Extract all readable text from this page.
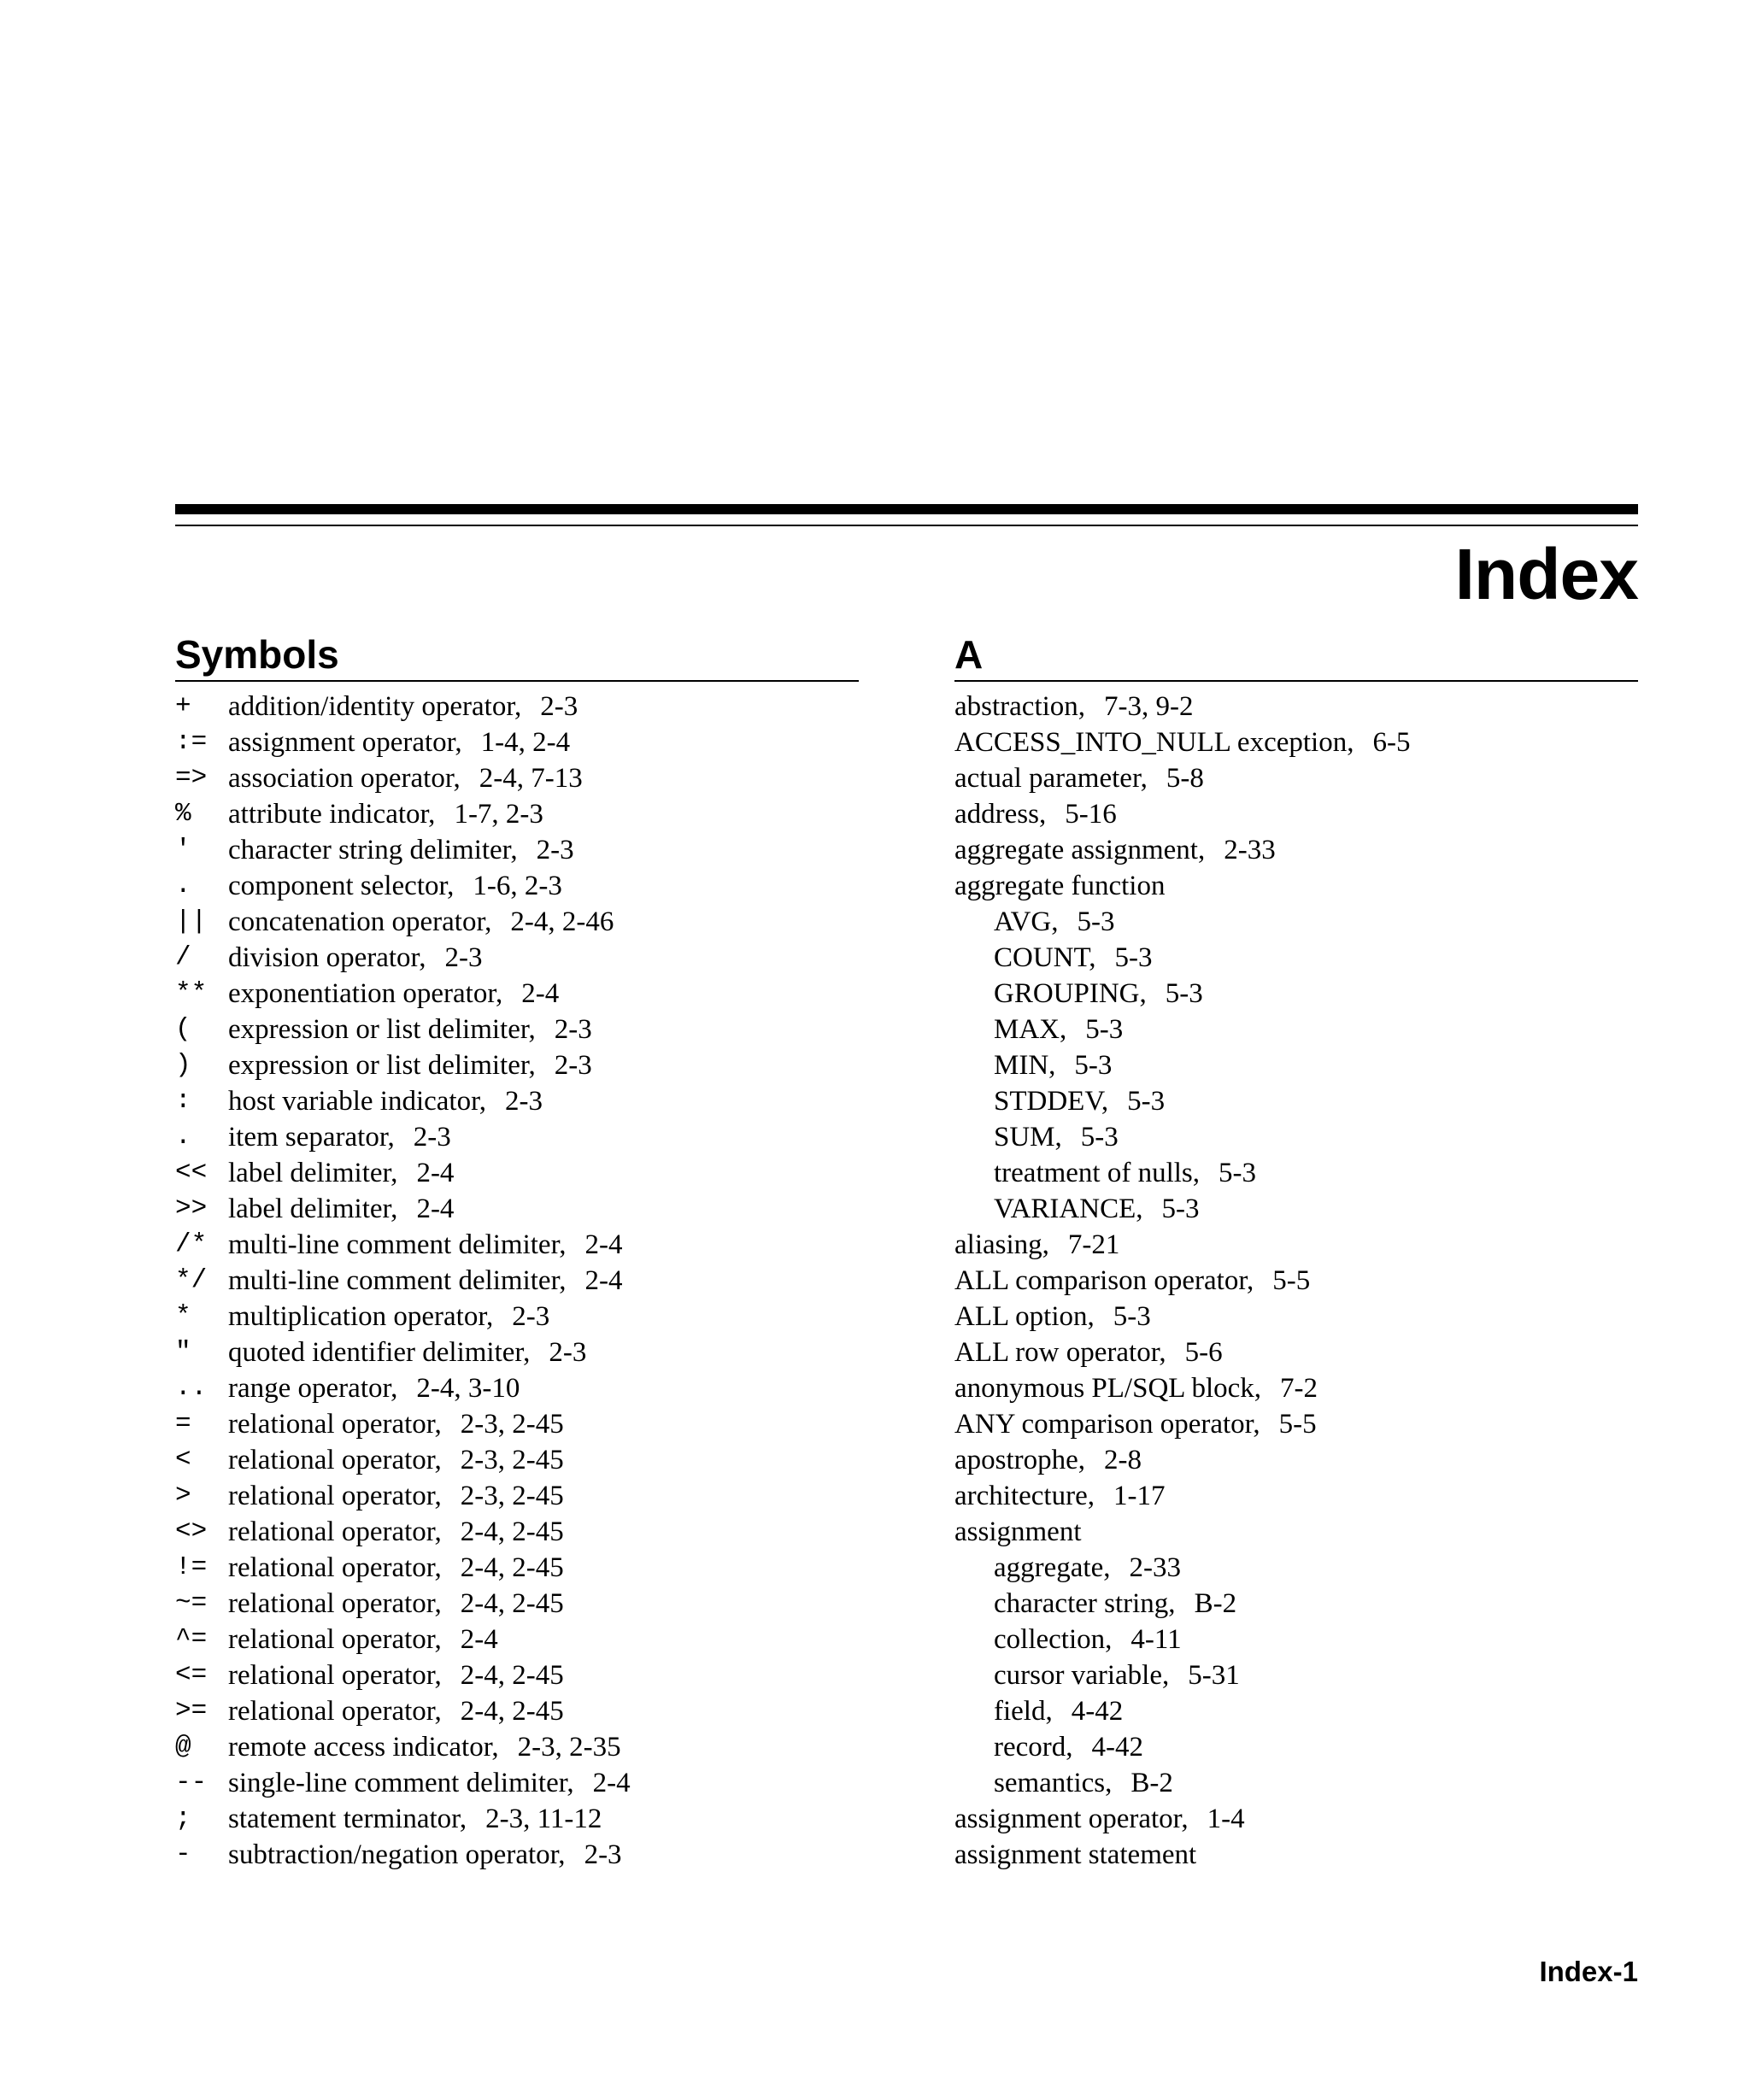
Index
Symbols
+	addition/identity operator, 2-3
:= assignment operator, 1-4, 2-4
=> association operator, 2-4, 7-13
%	attribute indicator, 1-7, 2-3
'	character string delimiter, 2-3
.	component selector, 1-6, 2-3
|| concatenation operator, 2-4, 2-46
/	division operator, 2-3
** exponentiation operator, 2-4
(	expression or list delimiter, 2-3
)	expression or list delimiter, 2-3
:	host variable indicator, 2-3
.	item separator, 2-3
<< label delimiter, 2-4
>> label delimiter, 2-4
/* multi-line comment delimiter, 2-4
*/ multi-line comment delimiter, 2-4
*	multiplication operator, 2-3
"	quoted identifier delimiter, 2-3
.. range operator, 2-4, 3-10
=	relational operator, 2-3, 2-45
<	relational operator, 2-3, 2-45
>	relational operator, 2-3, 2-45
<> relational operator, 2-4, 2-45
!= relational operator, 2-4, 2-45
~= relational operator, 2-4, 2-45
^= relational operator, 2-4
<= relational operator, 2-4, 2-45
>= relational operator, 2-4, 2-45
@	remote access indicator, 2-3, 2-35
-- single-line comment delimiter, 2-4
;	statement terminator, 2-3, 11-12
-	subtraction/negation operator, 2-3
A
abstraction, 7-3, 9-2
ACCESS_INTO_NULL exception, 6-5
actual parameter, 5-8
address, 5-16
aggregate assignment, 2-33
aggregate function
AVG, 5-3
COUNT, 5-3
GROUPING, 5-3
MAX, 5-3
MIN, 5-3
STDDEV, 5-3
SUM, 5-3
treatment of nulls, 5-3
VARIANCE, 5-3
aliasing, 7-21
ALL comparison operator, 5-5
ALL option, 5-3
ALL row operator, 5-6
anonymous PL/SQL block, 7-2
ANY comparison operator, 5-5
apostrophe, 2-8
architecture, 1-17
assignment
aggregate, 2-33
character string, B-2
collection, 4-11
cursor variable, 5-31
field, 4-42
record, 4-42
semantics, B-2
assignment operator, 1-4
assignment statement
Index-1
